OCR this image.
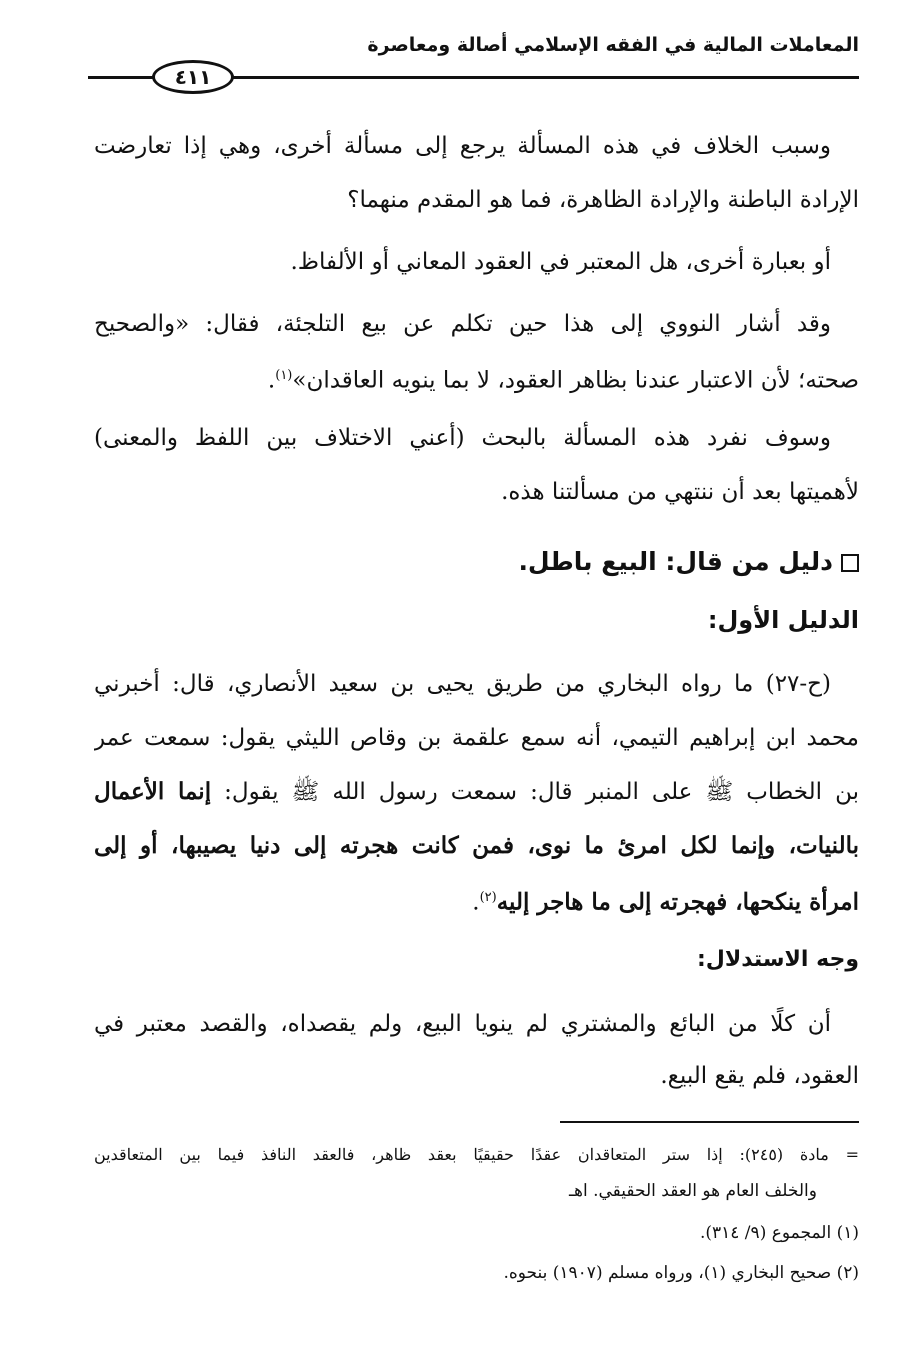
المعاملات المالية في الفقه الإسلامي أصالة ومعاصرة
٤١١
وسبب الخلاف في هذه المسألة يرجع إلى مسألة أخرى، وهي إذا تعارضت
الإرادة الباطنة والإرادة الظاهرة، فما هو المقدم منهما؟
أو بعبارة أخرى، هل المعتبر في العقود المعاني أو الألفاظ.
وقد أشار النووي إلى هذا حين تكلم عن بيع التلجئة، فقال: «والصحيح
صحته؛ لأن الاعتبار عندنا بظاهر العقود، لا بما ينويه العاقدان»$^{(١)}$.
وسوف نفرد هذه المسألة بالبحث (أعني الاختلاف بين اللفظ والمعنى)
لأهميتها بعد أن ننتهي من مسألتنا هذه.
دليل من قال: البيع باطل.
الدليل الأول:
(ح-٢٧) ما رواه البخاري من طريق يحيى بن سعيد الأنصاري، قال: أخبرني
محمد ابن إبراهيم التيمي، أنه سمع علقمة بن وقاص الليثي يقول: سمعت عمر
بن الخطاب ﷺ على المنبر قال: سمعت رسول الله ﷺ يقول: إنما الأعمال
بالنيات، وإنما لكل امرئ ما نوى، فمن كانت هجرته إلى دنيا يصيبها، أو إلى
امرأة ينكحها، فهجرته إلى ما هاجر إليه$^{(٢)}$.
وجه الاستدلال:
أن كلًا من البائع والمشتري لم ينويا البيع، ولم يقصداه، والقصد معتبر في
العقود، فلم يقع البيع.
= مادة (٢٤٥): إذا ستر المتعاقدان عقدًا حقيقيًا بعقد ظاهر، فالعقد النافذ فيما بين المتعاقدين
والخلف العام هو العقد الحقيقي. اهـ
(١) المجموع (٩/ ٣١٤).
(٢) صحيح البخاري (١)، ورواه مسلم (١٩٠٧) بنحوه.
